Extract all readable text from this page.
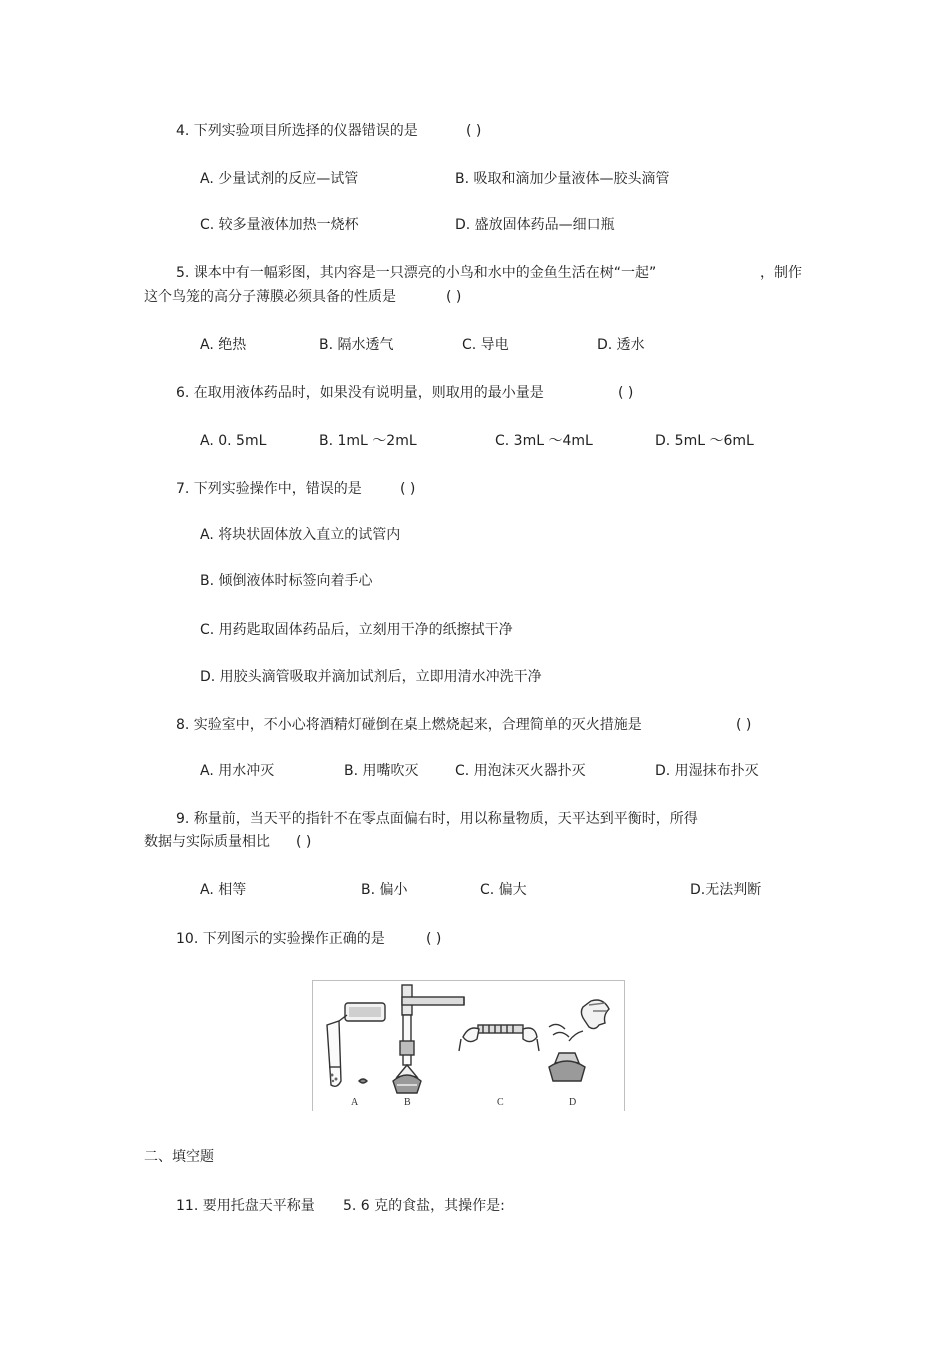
4. 下列实验项目所选择的仪器错误的是	( )
A. 少量试剂的反应—试管	B. 吸取和滴加少量液体—胶头滴管
C. 较多量液体加热一烧杯	D. 盛放固体药品—细口瓶
5. 课本中有一幅彩图，其内容是一只漂亮的小鸟和水中的金鱼生活在树“一起”	，制作
这个鸟笼的高分子薄膜必须具备的性质是	( )
A. 绝热	B. 隔水透气	C. 导电	D. 透水
6. 在取用液体药品时，如果没有说明量，则取用的最小量是	( )
A. 0. 5mL	B. 1mL ～2mL	C. 3mL ～4mL	D. 5mL ～6mL
7. 下列实验操作中，错误的是	( )
A. 将块状固体放入直立的试管内
B. 倾倒液体时标签向着手心
C. 用药匙取固体药品后，立刻用干净的纸擦拭干净
D. 用胶头滴管吸取并滴加试剂后，立即用清水冲洗干净
8. 实验室中，不小心将酒精灯碰倒在桌上燃烧起来，合理简单的灭火措施是	( )
A. 用水冲灭	B. 用嘴吹灭	C. 用泡沫灭火器扑灭	D. 用湿抹布扑灭
9. 称量前，当天平的指针不在零点面偏右时，用以称量物质，天平达到平衡时，所得
数据与实际质量相比 ( )
A. 相等	B. 偏小	C. 偏大	D.无法判断
10. 下列图示的实验操作正确的是	( )
A	B	C	D
二、填空题
11. 要用托盘天平称量 5. 6 克的食盐，其操作是:
